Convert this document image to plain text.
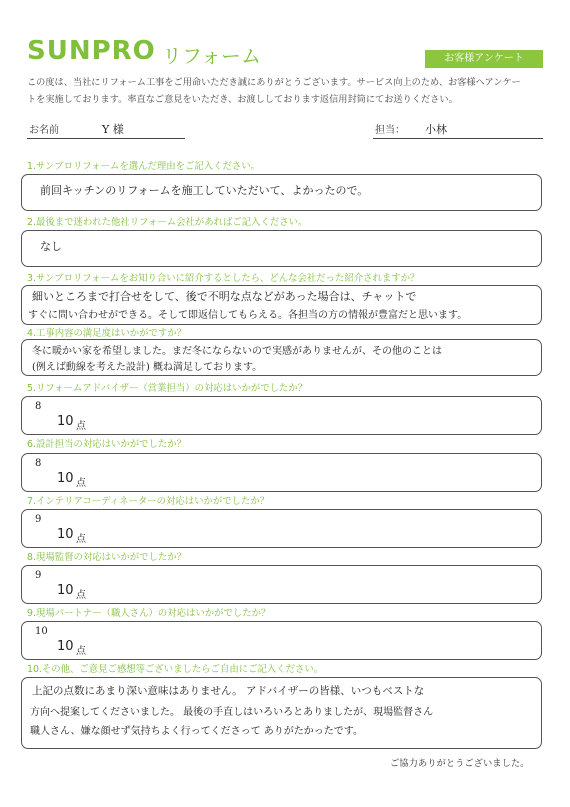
SUNPRO リフォーム	お客様アンケート
この度は、当社にリフォーム工事をご用命いただき誠にありがとうございます。サービス向上のため、お客様へアンケー
トを実施しております。率直なご意見をいただき、お渡ししております返信用封筒にてお送りください。
お名前	Y 様	担当： 小林
1.サンプロリフォームを選んだ理由をご記入ください。
前回キッチンのリフォームを施工していただいて、よかったので。
2.最後まで迷われた他社リフォーム会社があればご記入ください。
なし
3.サンプロリフォームをお知り合いに紹介するとしたら、どんな会社だった紹介されますか？
細いところまで打合せをして、後で不明な点などがあった場合は、チャットで
すぐに問い合わせができる。そして即返信してもらえる。各担当の方の情報が豊富だと思います。
4.工事内容の満足度はいかがですか？
冬に暖かい家を希望しました。まだ冬にならないので実感がありませんが、その他のことは
(例えば動線を考えた設計) 概ね満足しております。
5.リフォームアドバイザー（営業担当）の対応はいかがでしたか？
8
10 点
6.設計担当の対応はいかがでしたか？
8
10 点
7.インテリアコーディネーターの対応はいかがでしたか？
9
10 点
8.現場監督の対応はいかがでしたか？
9
10 点
9.現場パートナー（職人さん）の対応はいかがでしたか？
10
10 点
10.その他、ご意見ご感想等ございましたらご自由にご記入ください。
上記の点数にあまり深い意味はありません。 アドバイザーの皆様、いつもベストな
方向へ提案してくださいました。 最後の手直しはいろいろとありましたが、現場監督さん
職人さん、嫌な顔せず気持ちよく行ってくださって ありがたかったです。
ご協力ありがとうございました。
